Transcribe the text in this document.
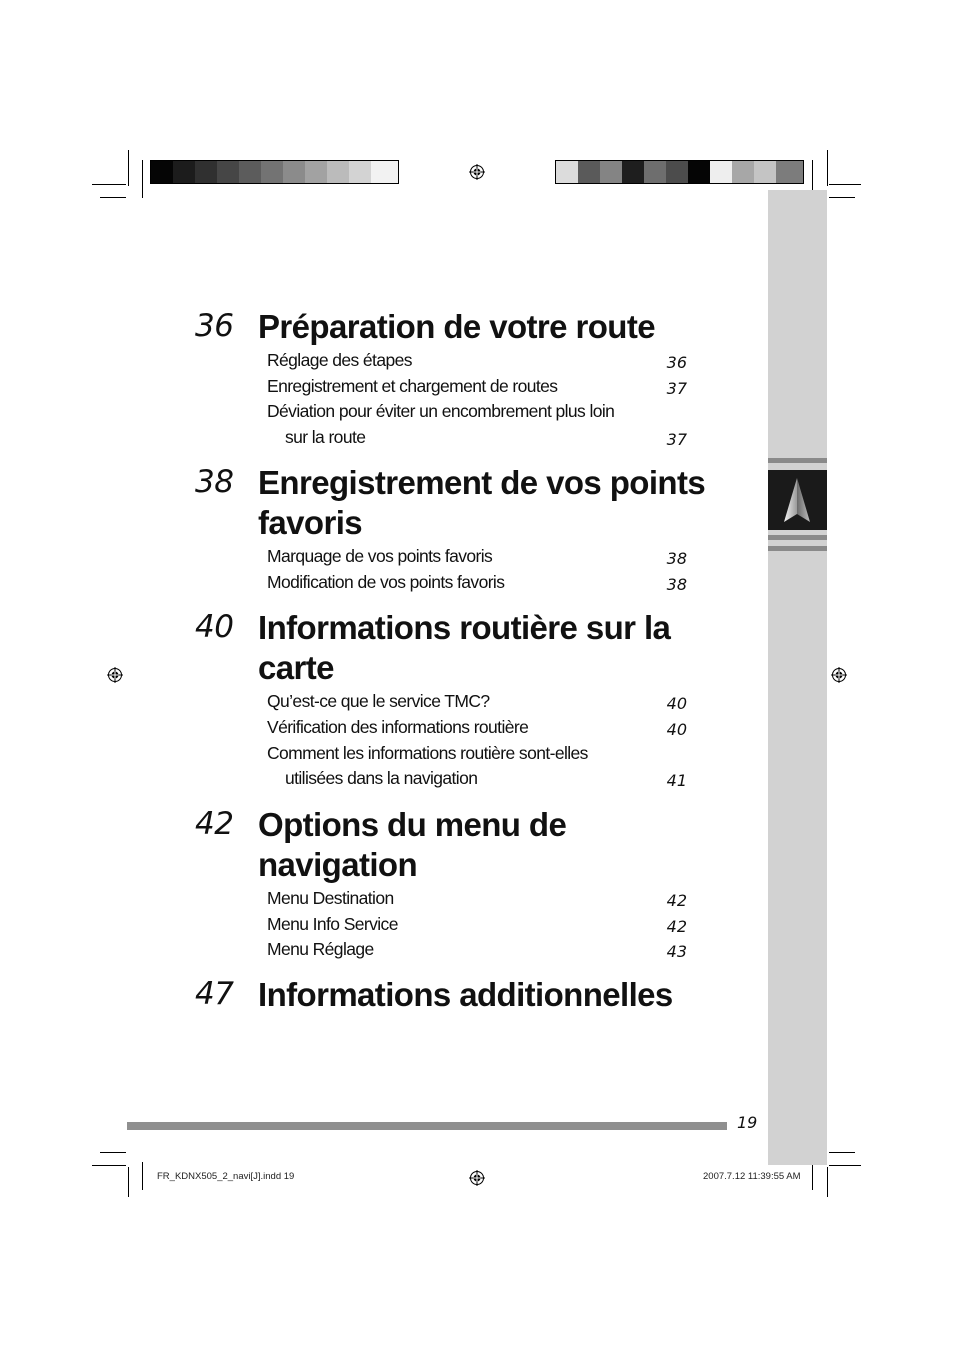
36 Préparation de votre route
38 Enregistrement de vos points
favoris
40 Informations routière sur la
carte
42 Options du menu de
navigation
47 Informations additionnelles
19
FR_KDNX505_2_navi[J].indd 19	2007.7.12 11:39:55 AM
Réglage des étapes	36
Enregistrement et chargement de routes	37
Déviation pour éviter un encombrement plus loin
sur la route	37
Marquage de vos points favoris	38
Modification de vos points favoris	38
Qu’est-ce que le service TMC?	40
Vérification des informations routière	40
Comment les informations routière sont-elles
utilisées dans la navigation	41
Menu Destination	42
Menu Info Service	42
Menu Réglage	43
